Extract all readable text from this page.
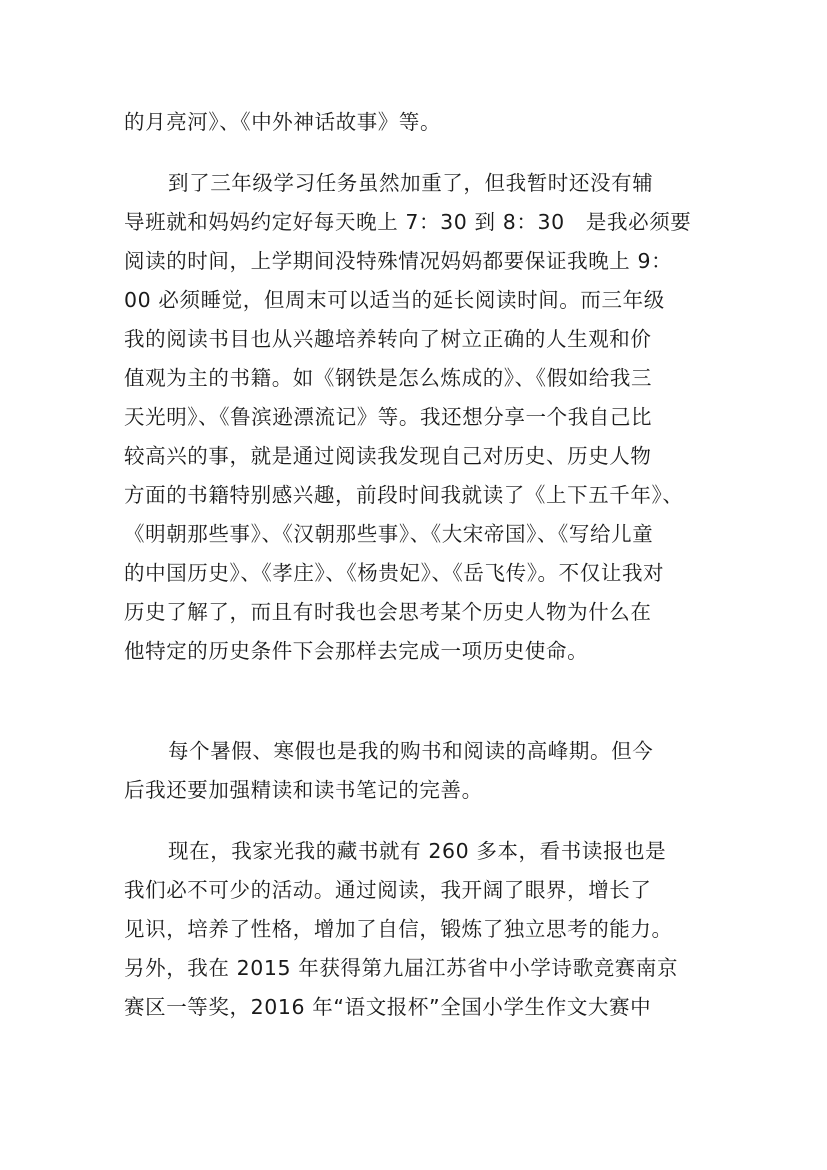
的月亮河》、《中外神话故事》等。
到了三年级学习任务虽然加重了，但我暂时还没有辅
导班就和妈妈约定好每天晚上 7：30 到 8：30　是我必须要
阅读的时间，上学期间没特殊情况妈妈都要保证我晚上 9：
00 必须睡觉，但周末可以适当的延长阅读时间。而三年级
我的阅读书目也从兴趣培养转向了树立正确的人生观和价
值观为主的书籍。如《钢铁是怎么炼成的》、《假如给我三
天光明》、《鲁滨逊漂流记》等。我还想分享一个我自己比
较高兴的事，就是通过阅读我发现自己对历史、历史人物
方面的书籍特别感兴趣，前段时间我就读了《上下五千年》、
《明朝那些事》、《汉朝那些事》、《大宋帝国》、《写给儿童
的中国历史》、《孝庄》、《杨贵妃》、《岳飞传》。不仅让我对
历史了解了，而且有时我也会思考某个历史人物为什么在
他特定的历史条件下会那样去完成一项历史使命。
每个暑假、寒假也是我的购书和阅读的高峰期。但今
后我还要加强精读和读书笔记的完善。
现在，我家光我的藏书就有 260 多本，看书读报也是
我们必不可少的活动。通过阅读，我开阔了眼界，增长了
见识，培养了性格，增加了自信，锻炼了独立思考的能力。
另外，我在 2015 年获得第九届江苏省中小学诗歌竞赛南京
赛区一等奖，2016 年“语文报杯”全国小学生作文大赛中
